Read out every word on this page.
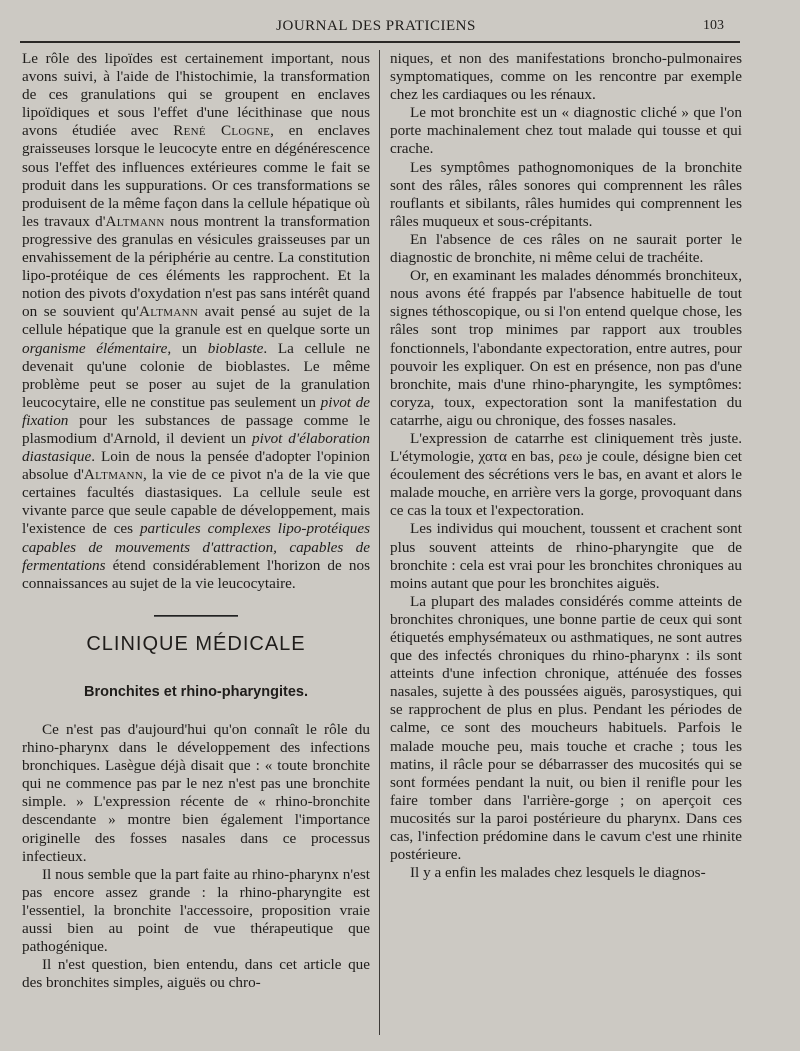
JOURNAL DES PRATICIENS	103

Le rôle des lipoïdes est certainement important, nous avons suivi, à l'aide de l'histochimie, la transformation de ces granulations qui se groupent en enclaves lipoïdiques et sous l'effet d'une lécithinase que nous avons étudiée avec René Clogne, en enclaves graisseuses lorsque le leucocyte entre en dégénérescence sous l'effet des influences extérieures comme le fait se produit dans les suppurations. Or ces transformations se produisent de la même façon dans la cellule hépatique où les travaux d'Altmann nous montrent la transformation progressive des granulas en vésicules graisseuses par un envahissement de la périphérie au centre. La constitution lipo-protéique de ces éléments les rapprochent. Et la notion des pivots d'oxydation n'est pas sans intérêt quand on se souvient qu'Altmann avait pensé au sujet de la cellule hépatique que la granule est en quelque sorte un organisme élémentaire, un bioblaste. La cellule ne devenait qu'une colonie de bioblastes. Le même problème peut se poser au sujet de la granulation leucocytaire, elle ne constitue pas seulement un pivot de fixation pour les substances de passage comme le plasmodium d'Arnold, il devient un pivot d'élaboration diastasique. Loin de nous la pensée d'adopter l'opinion absolue d'Altmann, la vie de ce pivot n'a de la vie que certaines facultés diastasiques. La cellule seule est vivante parce que seule capable de développement, mais l'existence de ces particules complexes lipo-protéiques capables de mouvements d'attraction, capables de fermentations étend considérablement l'horizon de nos connaissances au sujet de la vie leucocytaire.

CLINIQUE MÉDICALE
Bronchites et rhino-pharyngites.

Ce n'est pas d'aujourd'hui qu'on connaît le rôle du rhino-pharynx dans le développement des infections bronchiques. Lasègue déjà disait que : « toute bronchite qui ne commence pas par le nez n'est pas une bronchite simple. » L'expression récente de « rhino-bronchite descendante » montre bien également l'importance originelle des fosses nasales dans ce processus infectieux.

Il nous semble que la part faite au rhino-pharynx n'est pas encore assez grande : la rhino-pharyngite est l'essentiel, la bronchite l'accessoire, proposition vraie aussi bien au point de vue thérapeutique que pathogénique.

Il n'est question, bien entendu, dans cet article que des bronchites simples, aiguës ou chro-

niques, et non des manifestations broncho-pulmonaires symptomatiques, comme on les rencontre par exemple chez les cardiaques ou les rénaux.

Le mot bronchite est un « diagnostic cliché » que l'on porte machinalement chez tout malade qui tousse et qui crache.

Les symptômes pathognomoniques de la bronchite sont des râles, râles sonores qui comprennent les râles rouflants et sibilants, râles humides qui comprennent les râles muqueux et sous-crépitants.

En l'absence de ces râles on ne saurait porter le diagnostic de bronchite, ni même celui de trachéite.

Or, en examinant les malades dénommés bronchiteux, nous avons été frappés par l'absence habituelle de tout signes téthoscopique, ou si l'on entend quelque chose, les râles sont trop minimes par rapport aux troubles fonctionnels, l'abondante expectoration, entre autres, pour pouvoir les expliquer. On est en présence, non pas d'une bronchite, mais d'une rhino-pharyngite, les symptômes: coryza, toux, expectoration sont la manifestation du catarrhe, aigu ou chronique, des fosses nasales.

L'expression de catarrhe est cliniquement très juste. L'étymologie, χατα en bas, ρεω je coule, désigne bien cet écoulement des sécrétions vers le bas, en avant et alors le malade mouche, en arrière vers la gorge, provoquant dans ce cas la toux et l'expectoration.

Les individus qui mouchent, toussent et crachent sont plus souvent atteints de rhino-pharyngite que de bronchite : cela est vrai pour les bronchites chroniques au moins autant que pour les bronchites aiguës.

La plupart des malades considérés comme atteints de bronchites chroniques, une bonne partie de ceux qui sont étiquetés emphysémateux ou asthmatiques, ne sont autres que des infectés chroniques du rhino-pharynx : ils sont atteints d'une infection chronique, atténuée des fosses nasales, sujette à des poussées aiguës, parosystiques, qui se rapprochent de plus en plus. Pendant les périodes de calme, ce sont des moucheurs habituels. Parfois le malade mouche peu, mais touche et crache ; tous les matins, il râcle pour se débarrasser des mucosités qui se sont formées pendant la nuit, ou bien il renifle pour les faire tomber dans l'arrière-gorge ; on aperçoit ces mucosités sur la paroi postérieure du pharynx. Dans ces cas, l'infection prédomine dans le cavum c'est une rhinite postérieure.

Il y a enfin les malades chez lesquels le diagnos-
